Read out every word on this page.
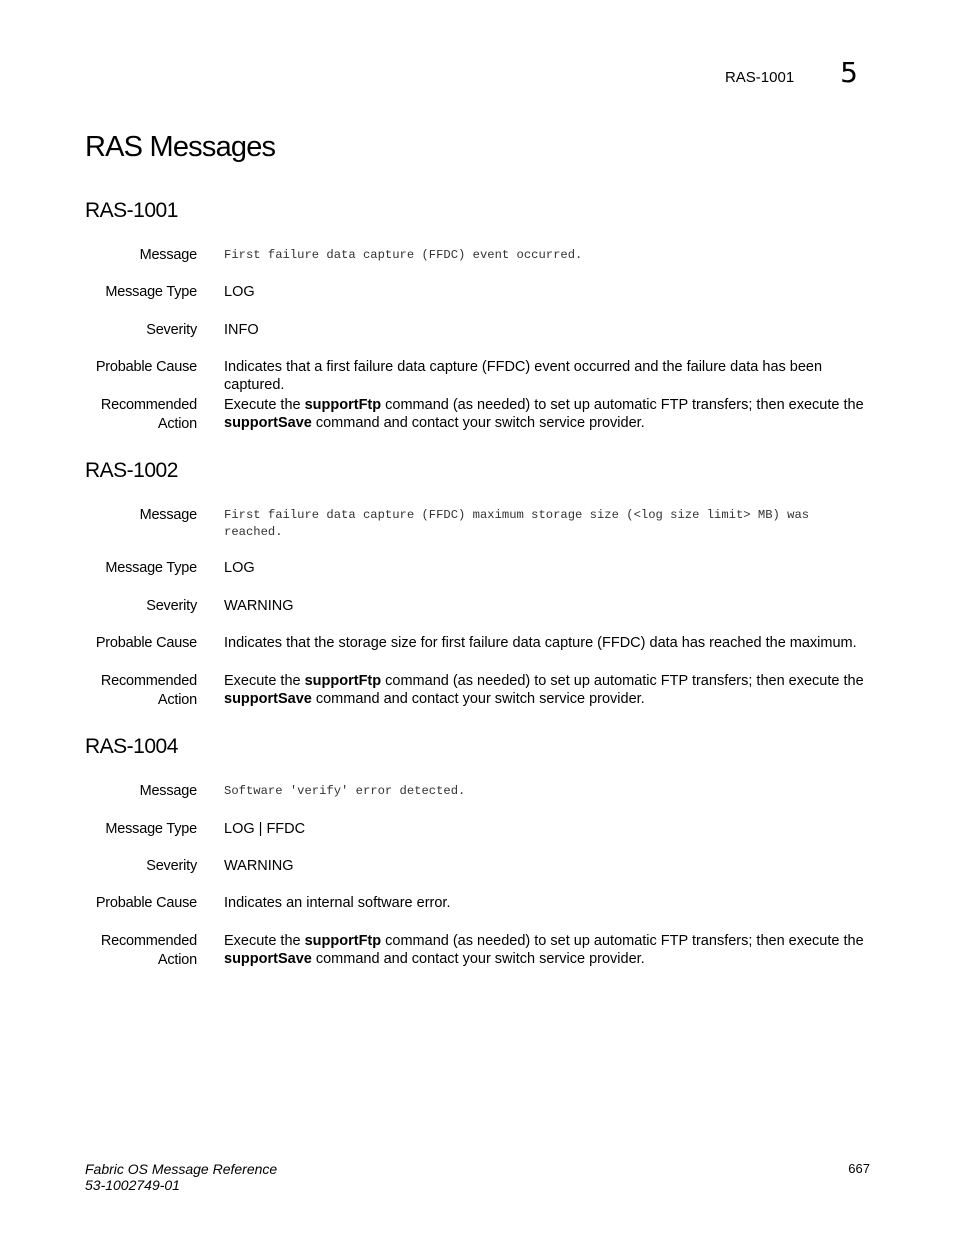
RAS-1001 5
RAS Messages
RAS-1001
Message First failure data capture (FFDC) event occurred.
Message Type LOG
Severity INFO
Probable Cause Indicates that a first failure data capture (FFDC) event occurred and the failure data has been captured.
Recommended
Action
Execute the supportFtp command (as needed) to set up automatic FTP transfers; then execute the supportSave command and contact your switch service provider.
RAS-1002
Message First failure data capture (FFDC) maximum storage size (<log size limit> MB) was reached.
Message Type LOG
Severity WARNING
Probable Cause Indicates that the storage size for first failure data capture (FFDC) data has reached the maximum.
Recommended
Action
Execute the supportFtp command (as needed) to set up automatic FTP transfers; then execute the supportSave command and contact your switch service provider.
RAS-1004
Message Software 'verify' error detected.
Message Type LOG | FFDC
Severity WARNING
Probable Cause Indicates an internal software error.
Recommended
Action
Execute the supportFtp command (as needed) to set up automatic FTP transfers; then execute the supportSave command and contact your switch service provider.
Fabric OS Message Reference
53-1002749-01
667
